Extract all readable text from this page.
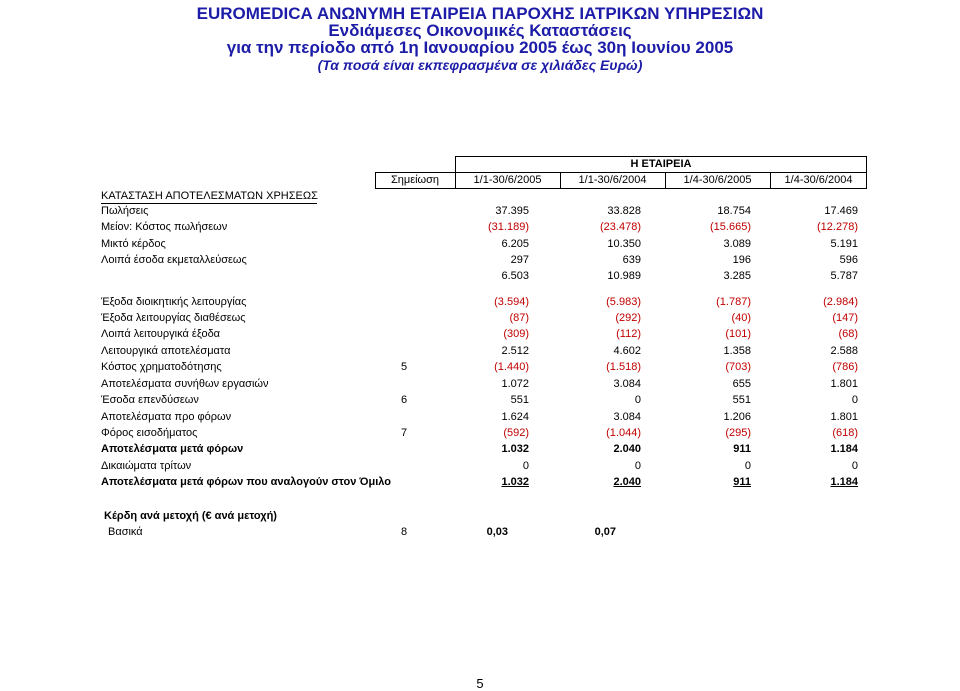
EUROMEDICA ΑΝΩΝΥΜΗ ΕΤΑΙΡΕΙΑ ΠΑΡΟΧΗΣ ΙΑΤΡΙΚΩΝ ΥΠΗΡΕΣΙΩΝ
Ενδιάμεσες Οικονομικές Καταστάσεις
για την περίοδο από 1η Ιανουαρίου 2005 έως 30η Ιουνίου 2005
(Τα ποσά είναι εκπεφρασμένα σε χιλιάδες Ευρώ)
Η ΕΤΑΙΡΕΙΑ
Σημείωση	1/1-30/6/2005	1/1-30/6/2004	1/4-30/6/2005	1/4-30/6/2004
ΚΑΤΑΣΤΑΣΗ ΑΠΟΤΕΛΕΣΜΑΤΩΝ ΧΡΗΣΕΩΣ
Πωλήσεις	37.395	33.828	18.754	17.469
Μείον: Κόστος πωλήσεων	(31.189)	(23.478)	(15.665)	(12.278)
Μικτό κέρδος	6.205	10.350	3.089	5.191
Λοιπά έσοδα εκμεταλλεύσεως	297	639	196	596
6.503	10.989	3.285	5.787
Έξοδα διοικητικής λειτουργίας	(3.594)	(5.983)	(1.787)	(2.984)
Έξοδα λειτουργίας διαθέσεως	(87)	(292)	(40)	(147)
Λοιπά λειτουργικά έξοδα	(309)	(112)	(101)	(68)
Λειτουργικά αποτελέσματα	2.512	4.602	1.358	2.588
Κόστος χρηματοδότησης	5	(1.440)	(1.518)	(703)	(786)
Αποτελέσματα συνήθων εργασιών	1.072	3.084	655	1.801
Έσοδα επενδύσεων	6	551	0	551	0
Αποτελέσματα προ φόρων	1.624	3.084	1.206	1.801
Φόρος εισοδήματος	7	(592)	(1.044)	(295)	(618)
Αποτελέσματα μετά φόρων	1.032	2.040	911	1.184
Δικαιώματα τρίτων	0	0	0	0
Αποτελέσματα μετά φόρων που αναλογούν στον Όμιλο	1.032	2.040	911	1.184
Κέρδη ανά μετοχή (€ ανά μετοχή)
Βασικά	8	0,03	0,07
5
